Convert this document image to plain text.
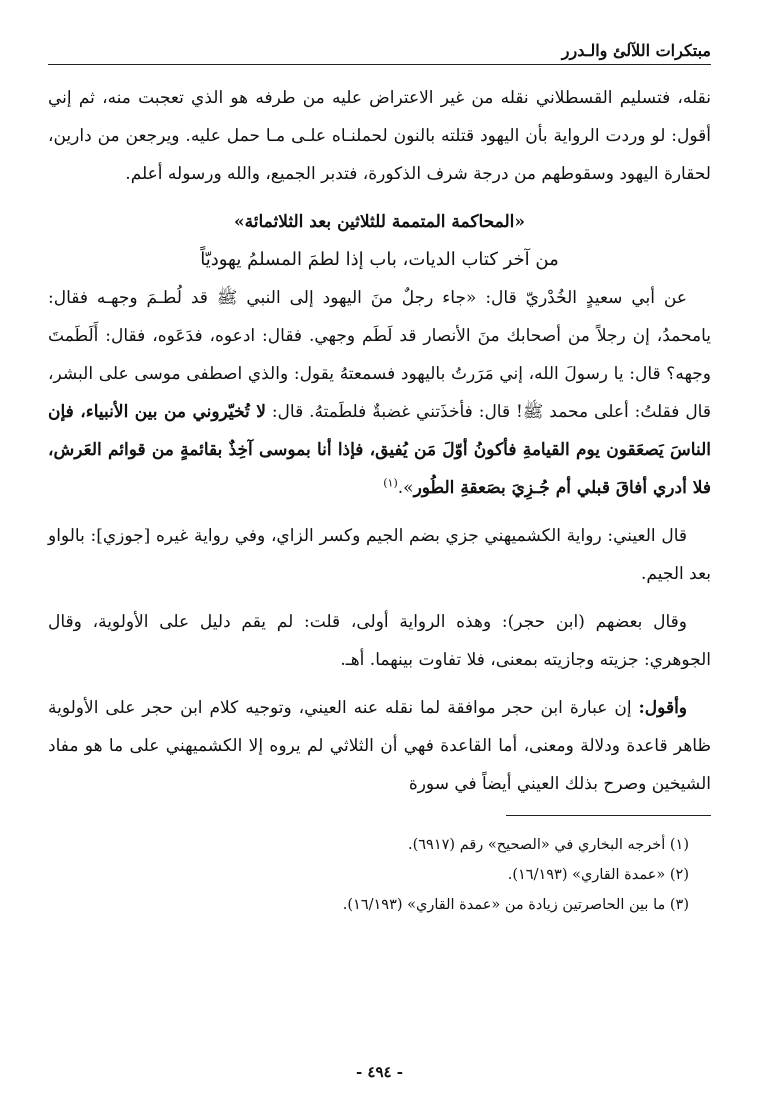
مبتكرات اللآلئ والـدرر

نقله، فتسليم القسطلاني نقله من غير الاعتراض عليه من طرفه هو الذي تعجبت منه، ثم إني أقول: لو وردت الرواية بأن اليهود قتلته بالنون لحملنـاه علـى مـا حمل عليه. ويرجعن من دارين، لحقارة اليهود وسقوطهم من درجة شرف الذكورة، فتدبر الجميع، والله ورسوله أعلم.

«المحاكمة المتممة للثلاثين بعد الثلاثمائة»

من آخر كتاب الديات، باب إذا لطمَ المسلمُ يهوديّاً

عن أبي سعيدٍ الخُدْريّ قال: «جاء رجلٌ منَ اليهود إلى النبي ﷺ قد لُطـمَ وجهـه فقال: يامحمدُ، إن رجلاً من أصحابك منَ الأنصار قد لَطَم وجهي. فقال: ادعوه، فدَعَوه، فقال: أَلَطَمتَ وجهه؟ قال: يا رسولَ الله، إني مَرَرتُ باليهود فسمعتهُ يقول: والذي اصطفى موسى على البشر، قال فقلتُ: أعلى محمد ﷺ! قال: فأخذَتني غضبةٌ فلطَمتهُ. قال: لا تُخيّروني من بين الأنبياء، فإن الناسَ يَصعَقون يوم القيامةِ فأكونُ أوّلَ مَن يُفيق، فإذا أنا بموسى آخِذٌ بقائمةٍ من قوائم العَرش، فلا أدري أفاقَ قبلي أم جُـزِيَ بصَعقةِ الطُور».$^{(١)}$

قال العيني: رواية الكشميهني جزي بضم الجيم وكسر الزاي، وفي رواية غيره [جوزي]: بالواو بعد الجيم.

وقال بعضهم (ابن حجر): وهذه الرواية أولى، قلت: لم يقم دليل على الأولوية، وقال الجوهري: جزيته وجازيته بمعنى، فلا تفاوت بينهما. أهـ.

وأقول: إن عبارة ابن حجر موافقة لما نقله عنه العيني، وتوجيه كلام ابن حجر على الأولوية ظاهر قاعدة ودلالة ومعنى، أما القاعدة فهي أن الثلاثي لم يروه إلا الكشميهني على ما هو مفاد الشيخين وصرح بذلك العيني أيضاً في سورة

(١) أخرجه البخاري في «الصحيح» رقم (٦٩١٧).

(٢) «عمدة القاري» (١٦/١٩٣).

(٣) ما بين الحاصرتين زيادة من «عمدة القاري» (١٦/١٩٣).

- ٤٩٤ -
